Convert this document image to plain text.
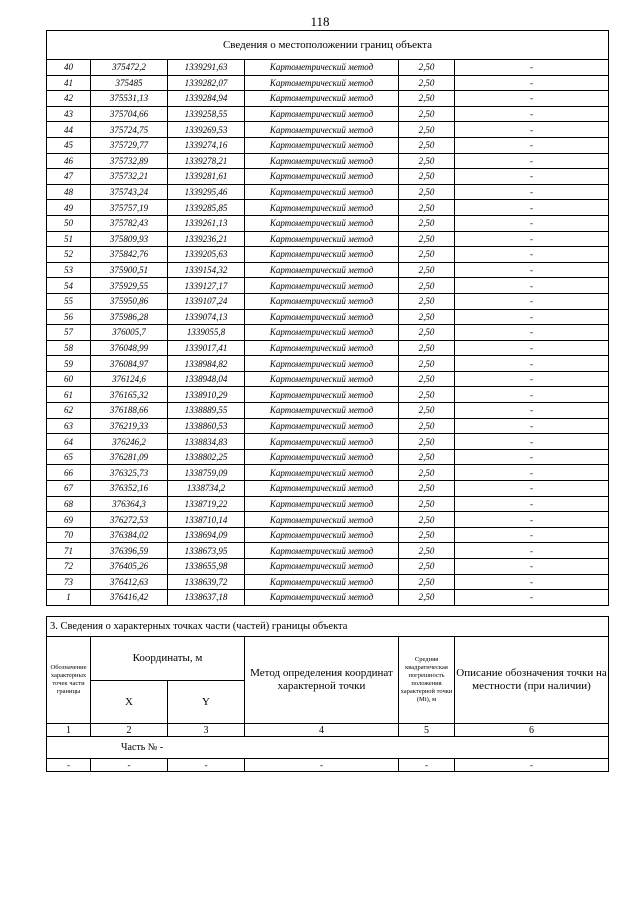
118
Сведения о местоположении границ объекта					
40	375472,2	1339291,63	Картометрический метод	2,50	-
41	375485	1339282,07	Картометрический метод	2,50	-
42	375531,13	1339284,94	Картометрический метод	2,50	-
43	375704,66	1339258,55	Картометрический метод	2,50	-
44	375724,75	1339269,53	Картометрический метод	2,50	-
45	375729,77	1339274,16	Картометрический метод	2,50	-
46	375732,89	1339278,21	Картометрический метод	2,50	-
47	375732,21	1339281,61	Картометрический метод	2,50	-
48	375743,24	1339295,46	Картометрический метод	2,50	-
49	375757,19	1339285,85	Картометрический метод	2,50	-
50	375782,43	1339261,13	Картометрический метод	2,50	-
51	375809,93	1339236,21	Картометрический метод	2,50	-
52	375842,76	1339205,63	Картометрический метод	2,50	-
53	375900,51	1339154,32	Картометрический метод	2,50	-
54	375929,55	1339127,17	Картометрический метод	2,50	-
55	375950,86	1339107,24	Картометрический метод	2,50	-
56	375986,28	1339074,13	Картометрический метод	2,50	-
57	376005,7	1339055,8	Картометрический метод	2,50	-
58	376048,99	1339017,41	Картометрический метод	2,50	-
59	376084,97	1338984,82	Картометрический метод	2,50	-
60	376124,6	1338948,04	Картометрический метод	2,50	-
61	376165,32	1338910,29	Картометрический метод	2,50	-
62	376188,66	1338889,55	Картометрический метод	2,50	-
63	376219,33	1338860,53	Картометрический метод	2,50	-
64	376246,2	1338834,83	Картометрический метод	2,50	-
65	376281,09	1338802,25	Картометрический метод	2,50	-
66	376325,73	1338759,09	Картометрический метод	2,50	-
67	376352,16	1338734,2	Картометрический метод	2,50	-
68	376364,3	1338719,22	Картометрический метод	2,50	-
69	376272,53	1338710,14	Картометрический метод	2,50	-
70	376384,02	1338694,09	Картометрический метод	2,50	-
71	376396,59	1338673,95	Картометрический метод	2,50	-
72	376405,26	1338655,98	Картометрический метод	2,50	-
73	376412,63	1338639,72	Картометрический метод	2,50	-
1	376416,42	1338637,18	Картометрический метод	2,50	-
3. Сведения о характерных точках части (частей) границы объекта					
Обозначение характерных точек части границы	Координаты, м		Метод определения координат характерной точки	Средняя квадратическая погрешность положения характерной точки (Mt), м	Описание обозначения точки на местности (при наличии)
	X	Y			
1	2	3	4	5	6
Часть № -					
-	-	-	-	-	-
